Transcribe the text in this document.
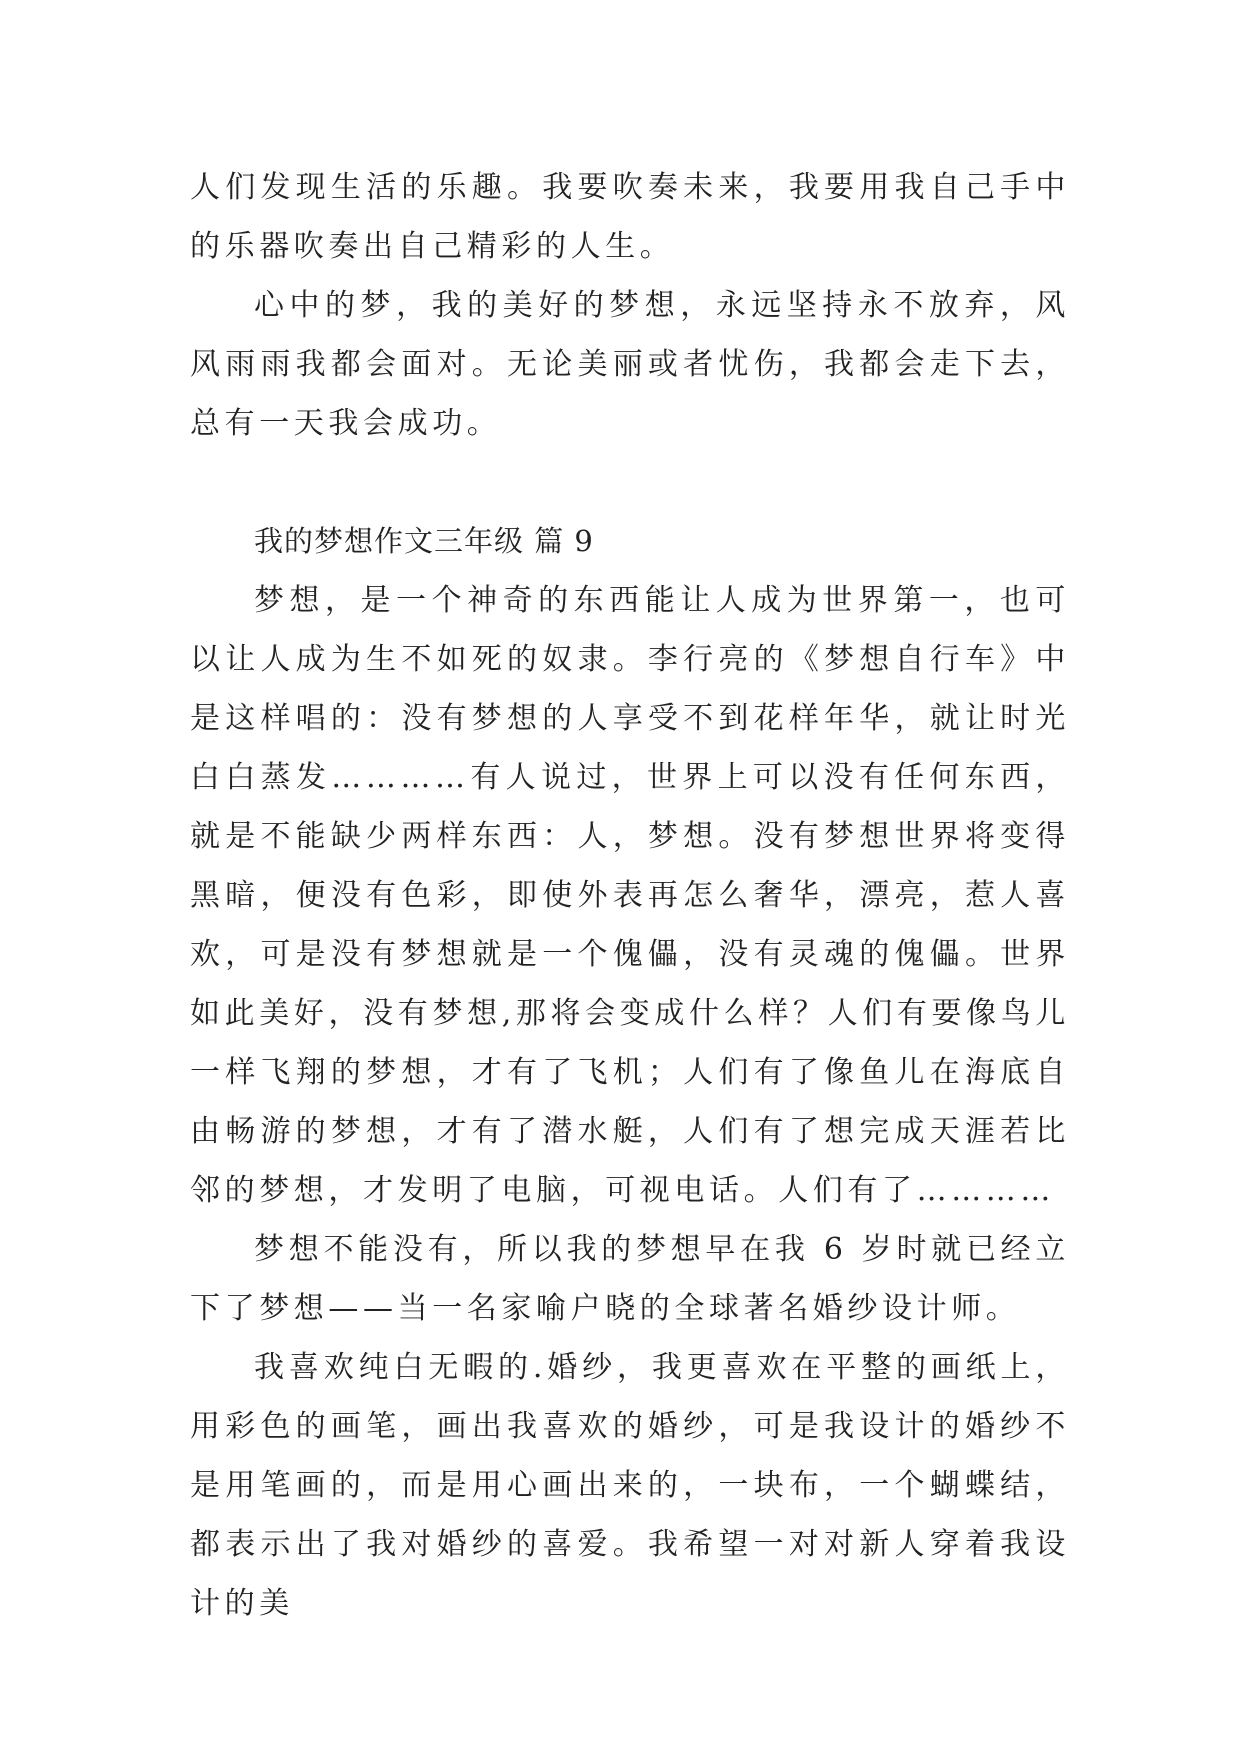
人们发现生活的乐趣。我要吹奏未来，我要用我自己手中的乐器吹奏出自己精彩的人生。

心中的梦，我的美好的梦想，永远坚持永不放弃，风风雨雨我都会面对。无论美丽或者忧伤，我都会走下去，总有一天我会成功。

我的梦想作文三年级 篇 9

梦想，是一个神奇的东西能让人成为世界第一，也可以让人成为生不如死的奴隶。李行亮的《梦想自行车》中是这样唱的：没有梦想的人享受不到花样年华，就让时光白白蒸发…………有人说过，世界上可以没有任何东西，就是不能缺少两样东西：人，梦想。没有梦想世界将变得黑暗，便没有色彩，即使外表再怎么奢华，漂亮，惹人喜欢，可是没有梦想就是一个傀儡，没有灵魂的傀儡。世界如此美好，没有梦想,那将会变成什么样？人们有要像鸟儿一样飞翔的梦想，才有了飞机；人们有了像鱼儿在海底自由畅游的梦想，才有了潜水艇，人们有了想完成天涯若比邻的梦想，才发明了电脑，可视电话。人们有了…………

梦想不能没有，所以我的梦想早在我 6 岁时就已经立下了梦想——当一名家喻户晓的全球著名婚纱设计师。

我喜欢纯白无暇的.婚纱，我更喜欢在平整的画纸上，用彩色的画笔，画出我喜欢的婚纱，可是我设计的婚纱不是用笔画的，而是用心画出来的，一块布，一个蝴蝶结，都表示出了我对婚纱的喜爱。我希望一对对新人穿着我设计的美
